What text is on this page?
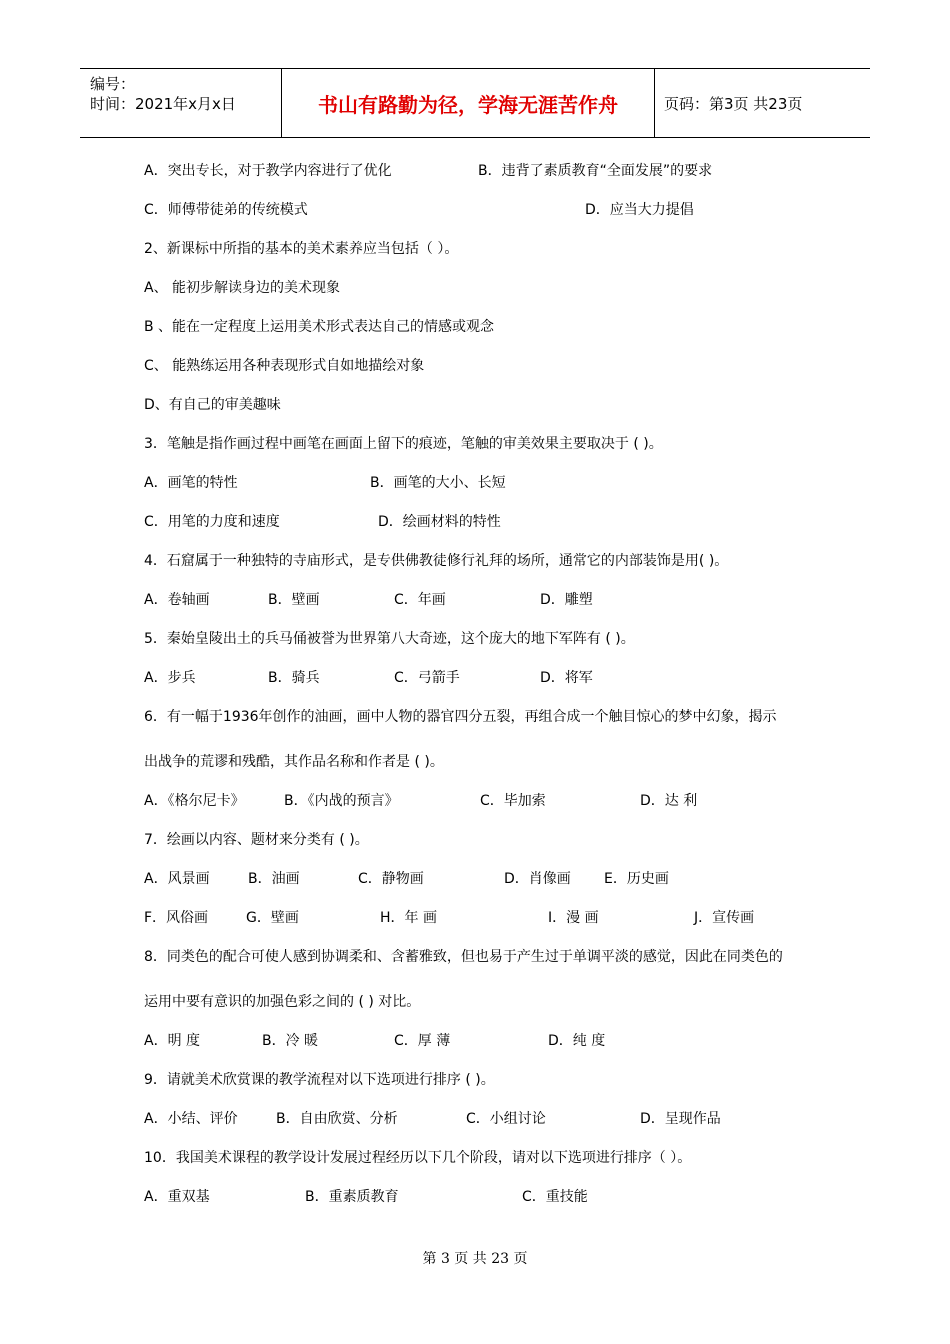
编号：
时间：2021年x月x日	书山有路勤为径，学海无涯苦作舟	页码：第3页 共23页
A．突出专长，对于教学内容进行了优化	B．违背了素质教育“全面发展”的要求
C．师傅带徒弟的传统模式	D．应当大力提倡
2、新课标中所指的基本的美术素养应当包括（ ）。
A、 能初步解读身边的美术现象
B 、能在一定程度上运用美术形式表达自己的情感或观念
C、 能熟练运用各种表现形式自如地描绘对象
D、有自己的审美趣味
3．笔触是指作画过程中画笔在画面上留下的痕迹，笔触的审美效果主要取决于 ( )。
A．画笔的特性	B．画笔的大小、长短
C．用笔的力度和速度	D．绘画材料的特性
4．石窟属于一种独特的寺庙形式，是专供佛教徒修行礼拜的场所，通常它的内部装饰是用( )。
A．卷轴画	B．壁画	C．年画	D．雕塑
5．秦始皇陵出土的兵马俑被誉为世界第八大奇迹，这个庞大的地下军阵有 ( )。
A．步兵	B．骑兵	C．弓箭手	D．将军
6．有一幅于1936年创作的油画，画中人物的器官四分五裂，再组合成一个触目惊心的梦中幻象，揭示
出战争的荒谬和残酷，其作品名称和作者是 ( )。
A．《格尔尼卡》	B．《内战的预言》	C．毕加索	D．达 利
7．绘画以内容、题材来分类有 ( )。
A．风景画	B．油画	C．静物画	D．肖像画 E．历史画
F．风俗画	G．壁画	H．年 画	I．漫 画	J．宣传画
8．同类色的配合可使人感到协调柔和、含蓄雅致，但也易于产生过于单调平淡的感觉，因此在同类色的
运用中要有意识的加强色彩之间的 ( ) 对比。
A．明 度	B．冷 暖	C．厚 薄	D．纯 度
9．请就美术欣赏课的教学流程对以下选项进行排序 ( )。
A．小结、评价	B．自由欣赏、分析	C．小组讨论	D．呈现作品
10．我国美术课程的教学设计发展过程经历以下几个阶段，请对以下选项进行排序（ ）。
A．重双基	B．重素质教育	C．重技能
第 3 页 共 23 页
